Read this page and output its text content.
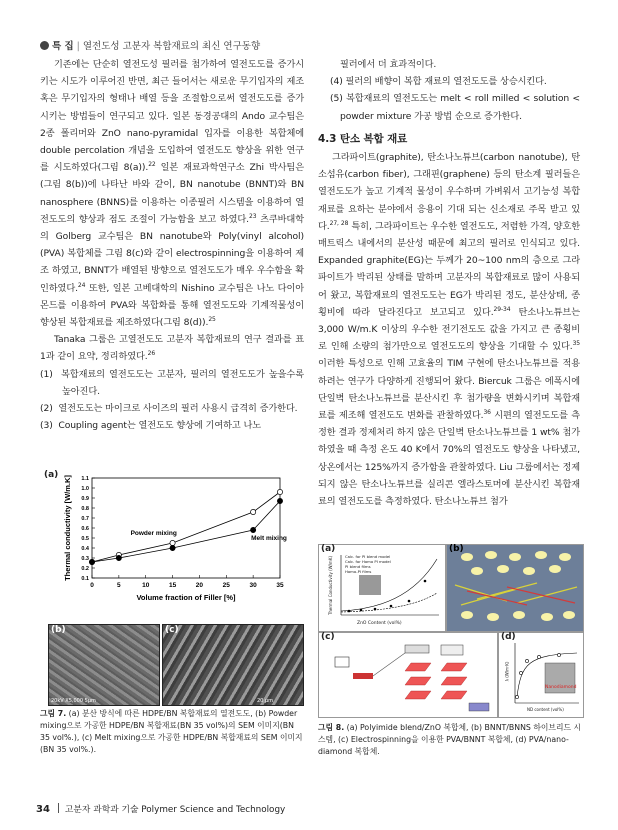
특 집 | 열전도성 고분자 복합재료의 최신 연구동향

기존에는 단순히 열전도성 필러를 첨가하여 열전도도를 증가시키는 시도가 이루어진 반면, 최근 들어서는 새로운 무기입자의 제조 혹은 무기입자의 형태나 배열 등을 조절함으로써 열전도도를 증가시키는 방법들이 연구되고 있다. 일본 동경공대의 Ando 교수팀은 2종 폴리머와 ZnO nano-pyramidal 입자를 이용한 복합체에 double percolation 개념을 도입하여 열전도도 향상을 위한 연구를 시도하였다(그림 8(a)).$^{22}$ 일본 재료과학연구소 Zhi 박사팀은 (그림 8(b))에 나타난 바와 같이, BN nanotube (BNNT)와 BN nanosphere (BNNS)를 이용하는 이종필러 시스템을 이용하여 열전도도의 향상과 점도 조절이 가능함을 보고 하였다.$^{23}$ 츠쿠바대학의 Golberg 교수팀은 BN nanotube와 Poly(vinyl alcohol) (PVA) 복합체를 그림 8(c)와 같이 electrospinning을 이용하여 제조 하였고, BNNT가 배열된 방향으로 열전도도가 매우 우수함을 확인하였다.$^{24}$ 또한, 일본 고베대학의 Nishino 교수팀은 나노 다이아몬드를 이용하여 PVA와 복합화를 통해 열전도도와 기계적물성이 향상된 복합재료를 제조하였다(그림 8(d)).$^{25}$

Tanaka 그룹은 고열전도도 고분자 복합재료의 연구 결과를 표 1과 같이 요약, 정리하였다.$^{26}$

(1) 복합재료의 열전도도는 고분자, 필러의 열전도도가 높을수록 높아진다.

(2) 열전도도는 마이크로 사이즈의 필러 사용시 급격히 증가한다.

(3) Coupling agent는 열전도도 향상에 기여하고 나노

필러에서 더 효과적이다.

(4) 필러의 배향이 복합 재료의 열전도도를 상승시킨다.

(5) 복합재료의 열전도도는 melt < roll milled < solution < powder mixture 가공 방법 순으로 증가한다.

4.3 탄소 복합 재료

그라파이트(graphite), 탄소나노튜브(carbon nanotube), 탄소섬유(carbon fiber), 그래핀(graphene) 등의 탄소계 필러들은 열전도도가 높고 기계적 물성이 우수하며 가벼워서 고기능성 복합재료를 요하는 분야에서 응용이 기대 되는 신소재로 주목 받고 있다.$^{27, 28}$ 특히, 그라파이트는 우수한 열전도도, 저렴한 가격, 양호한 매트릭스 내에서의 분산성 때문에 최고의 필러로 인식되고 있다. Expanded graphite(EG)는 두께가 20~100 nm의 층으로 그라파이트가 박리된 상태를 말하며 고분자의 복합재료로 많이 사용되어 왔고, 복합재료의 열전도도는 EG가 박리된 정도, 분산상태, 종횡비에 따라 달라진다고 보고되고 있다.$^{29-34}$ 탄소나노튜브는 3,000 W/m.K 이상의 우수한 전기전도도 값을 가지고 큰 종횡비로 인해 소량의 첨가만으로 열전도도의 향상을 기대할 수 있다.$^{35}$ 이러한 특성으로 인해 고효율의 TIM 구현에 탄소나노튜브를 적용하려는 연구가 다양하게 진행되어 왔다. Biercuk 그룹은 에폭시에 단일벽 탄소나노튜브를 분산시킨 후 첨가량을 변화시키며 복합재료를 제조해 열전도도 변화를 관찰하였다.$^{36}$ 시편의 열전도도를 측정한 결과 정제처리 하지 않은 단일벽 탄소나노튜브를 1 wt% 첨가하였을 때 측정 온도 40 K에서 70%의 열전도도 향상을 나타냈고, 상온에서는 125%까지 증가함을 관찰하였다. Liu 그룹에서는 정제되지 않은 탄소나노튜브를 실리콘 엘라스토머에 분산시킨 복합재료의 열전도도를 측정하였다. 탄소나노튜브 첨가

(a)
0	5	10	15	20	25	30	35
0.1
0.2
0.3
0.4
0.5
0.6
0.7
0.8
0.9
1.0
1.1
Volume fraction of Filler [%]
Thermal conductivity [W/m.K]	Powder mixing
Melt mixing
(b)
20kV X5,000 5µm
(c)
20 µm
그림 7. (a) 분산 방식에 따른 HDPE/BN 복합재료의 열전도도, (b) Powder mixing으로 가공한 HDPE/BN 복합재료(BN 35 vol%)의 SEM 이미지(BN 35 vol%.), (c) Melt mixing으로 가공한 HDPE/BN 복합재료의 SEM 이미지(BN 35 vol%.).
(a)
Calc. for PI blend model
Calc. for Homo PI model
PI blend films
Homo-PI films
ZnO Content (vol%)
Thermal Conductivity (W/mK)
(b)
(c)	(d)
Nanodiamond
ND content (vol%)
λ (W/m·K)
그림 8. (a) Polyimide blend/ZnO 복합체, (b) BNNT/BNNS 하이브리드 시스템, (c) Electrospinning을 이용한 PVA/BNNT 복합체, (d) PVA/nano-diamond 복합체.
34 고분자 과학과 기술 Polymer Science and Technology
